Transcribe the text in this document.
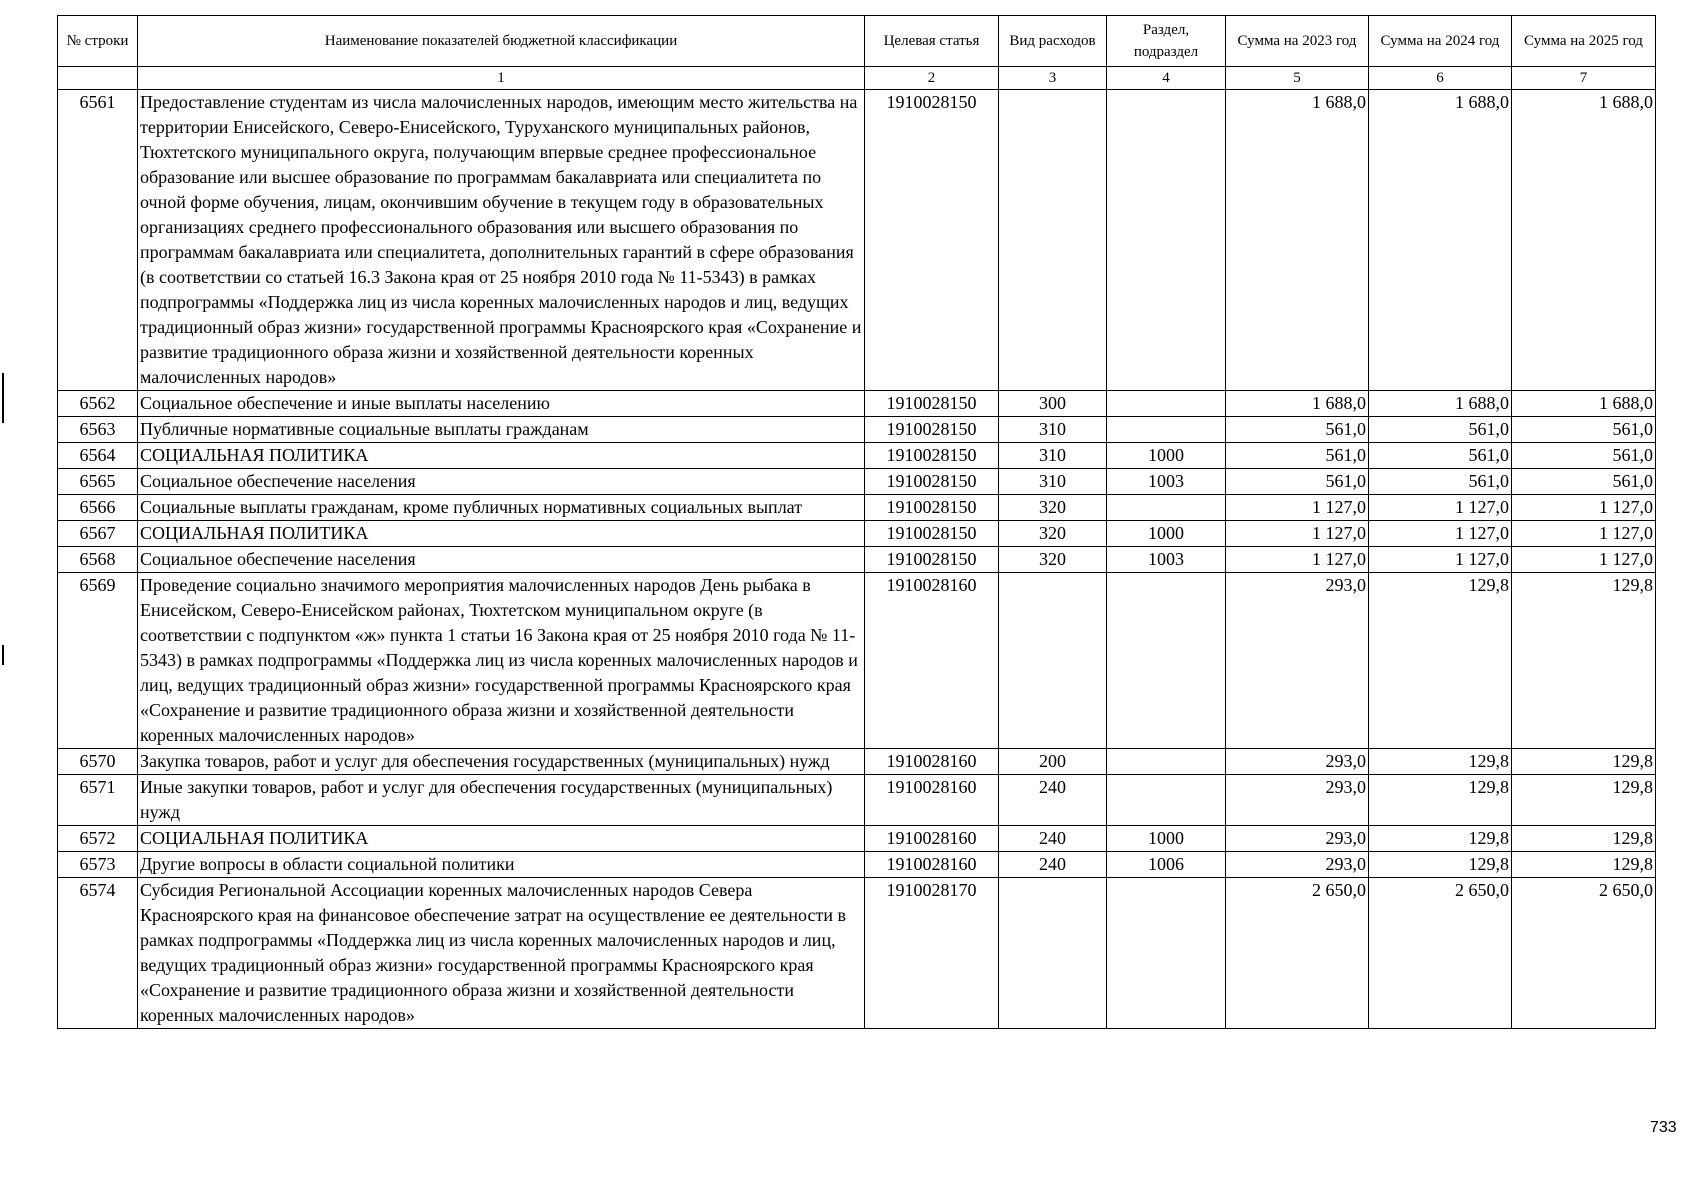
№ строки	Наименование показателей бюджетной классификации	Целевая статья	Вид расходов	Раздел, подраздел	Сумма на 2023 год	Сумма на 2024 год	Сумма на 2025 год
	1	2	3	4	5	6	7
6561	Предоставление студентам из числа малочисленных народов, имеющим место жительства на территории Енисейского, Северо-Енисейского, Туруханского муниципальных районов, Тюхтетского муниципального округа, получающим впервые среднее профессиональное образование или высшее образование по программам бакалавриата или специалитета по очной форме обучения, лицам, окончившим обучение в текущем году в образовательных организациях среднего профессионального образования или высшего образования по программам бакалавриата или специалитета, дополнительных гарантий в сфере образования (в соответствии со статьей 16.3 Закона края от 25 ноября 2010 года № 11-5343) в рамках подпрограммы «Поддержка лиц из числа коренных малочисленных народов и лиц, ведущих традиционный образ жизни» государственной программы Красноярского края «Сохранение и развитие традиционного образа жизни и хозяйственной деятельности коренных малочисленных народов»	1910028150			1 688,0	1 688,0	1 688,0
6562	Социальное обеспечение и иные выплаты населению	1910028150	300		1 688,0	1 688,0	1 688,0
6563	Публичные нормативные социальные выплаты гражданам	1910028150	310		561,0	561,0	561,0
6564	СОЦИАЛЬНАЯ ПОЛИТИКА	1910028150	310	1000	561,0	561,0	561,0
6565	Социальное обеспечение населения	1910028150	310	1003	561,0	561,0	561,0
6566	Социальные выплаты гражданам, кроме публичных нормативных социальных выплат	1910028150	320		1 127,0	1 127,0	1 127,0
6567	СОЦИАЛЬНАЯ ПОЛИТИКА	1910028150	320	1000	1 127,0	1 127,0	1 127,0
6568	Социальное обеспечение населения	1910028150	320	1003	1 127,0	1 127,0	1 127,0
6569	Проведение социально значимого мероприятия малочисленных народов День рыбака в Енисейском, Северо-Енисейском районах, Тюхтетском муниципальном округе (в соответствии с подпунктом «ж» пункта 1 статьи 16 Закона края от 25 ноября 2010 года № 11-5343) в рамках подпрограммы «Поддержка лиц из числа коренных малочисленных народов и лиц, ведущих традиционный образ жизни» государственной программы Красноярского края «Сохранение и развитие традиционного образа жизни и хозяйственной деятельности коренных малочисленных народов»	1910028160			293,0	129,8	129,8
6570	Закупка товаров, работ и услуг для обеспечения государственных (муниципальных) нужд	1910028160	200		293,0	129,8	129,8
6571	Иные закупки товаров, работ и услуг для обеспечения государственных (муниципальных) нужд	1910028160	240		293,0	129,8	129,8
6572	СОЦИАЛЬНАЯ ПОЛИТИКА	1910028160	240	1000	293,0	129,8	129,8
6573	Другие вопросы в области социальной политики	1910028160	240	1006	293,0	129,8	129,8
6574	Субсидия Региональной Ассоциации коренных малочисленных народов Севера Красноярского края на финансовое обеспечение затрат на осуществление ее деятельности в рамках подпрограммы «Поддержка лиц из числа коренных малочисленных народов и лиц, ведущих традиционный образ жизни» государственной программы Красноярского края «Сохранение и развитие традиционного образа жизни и хозяйственной деятельности коренных малочисленных народов»	1910028170			2 650,0	2 650,0	2 650,0
733
